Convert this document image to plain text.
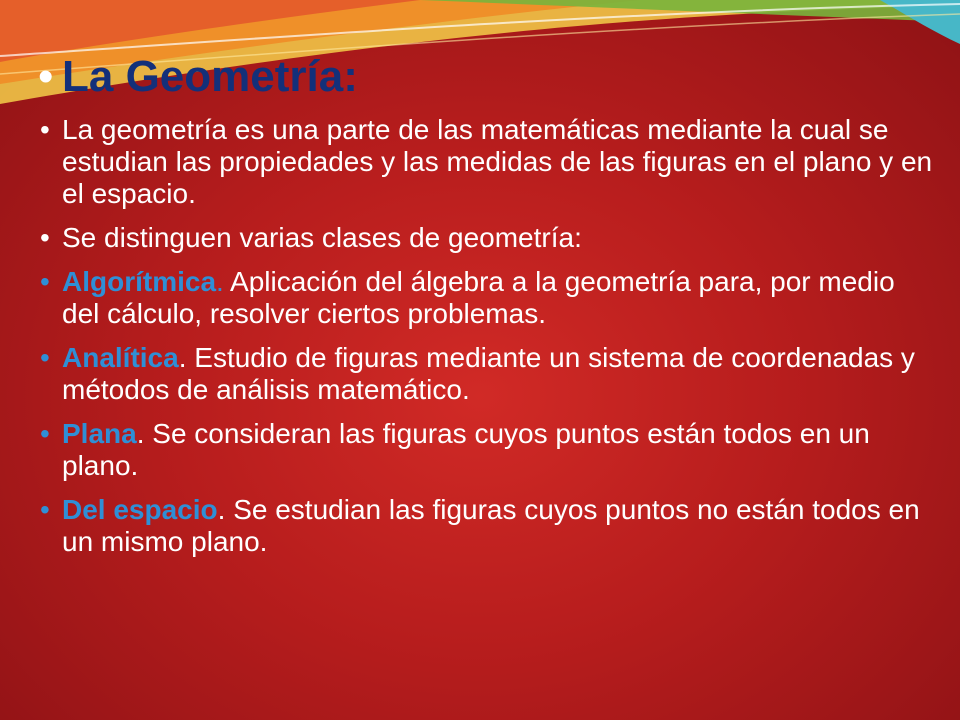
• La Geometría:
• La geometría es una parte de las matemáticas mediante la cual se estudian las propiedades y las medidas de las figuras en el plano y en el espacio.
• Se distinguen varias clases de geometría:
• Algorítmica. Aplicación del álgebra a la geometría para, por medio del cálculo, resolver ciertos problemas.
• Analítica. Estudio de figuras mediante un sistema de coordenadas y métodos de análisis matemático.
• Plana. Se consideran las figuras cuyos puntos están todos en un plano.
• Del espacio. Se estudian las figuras cuyos puntos no están todos en un mismo plano.
